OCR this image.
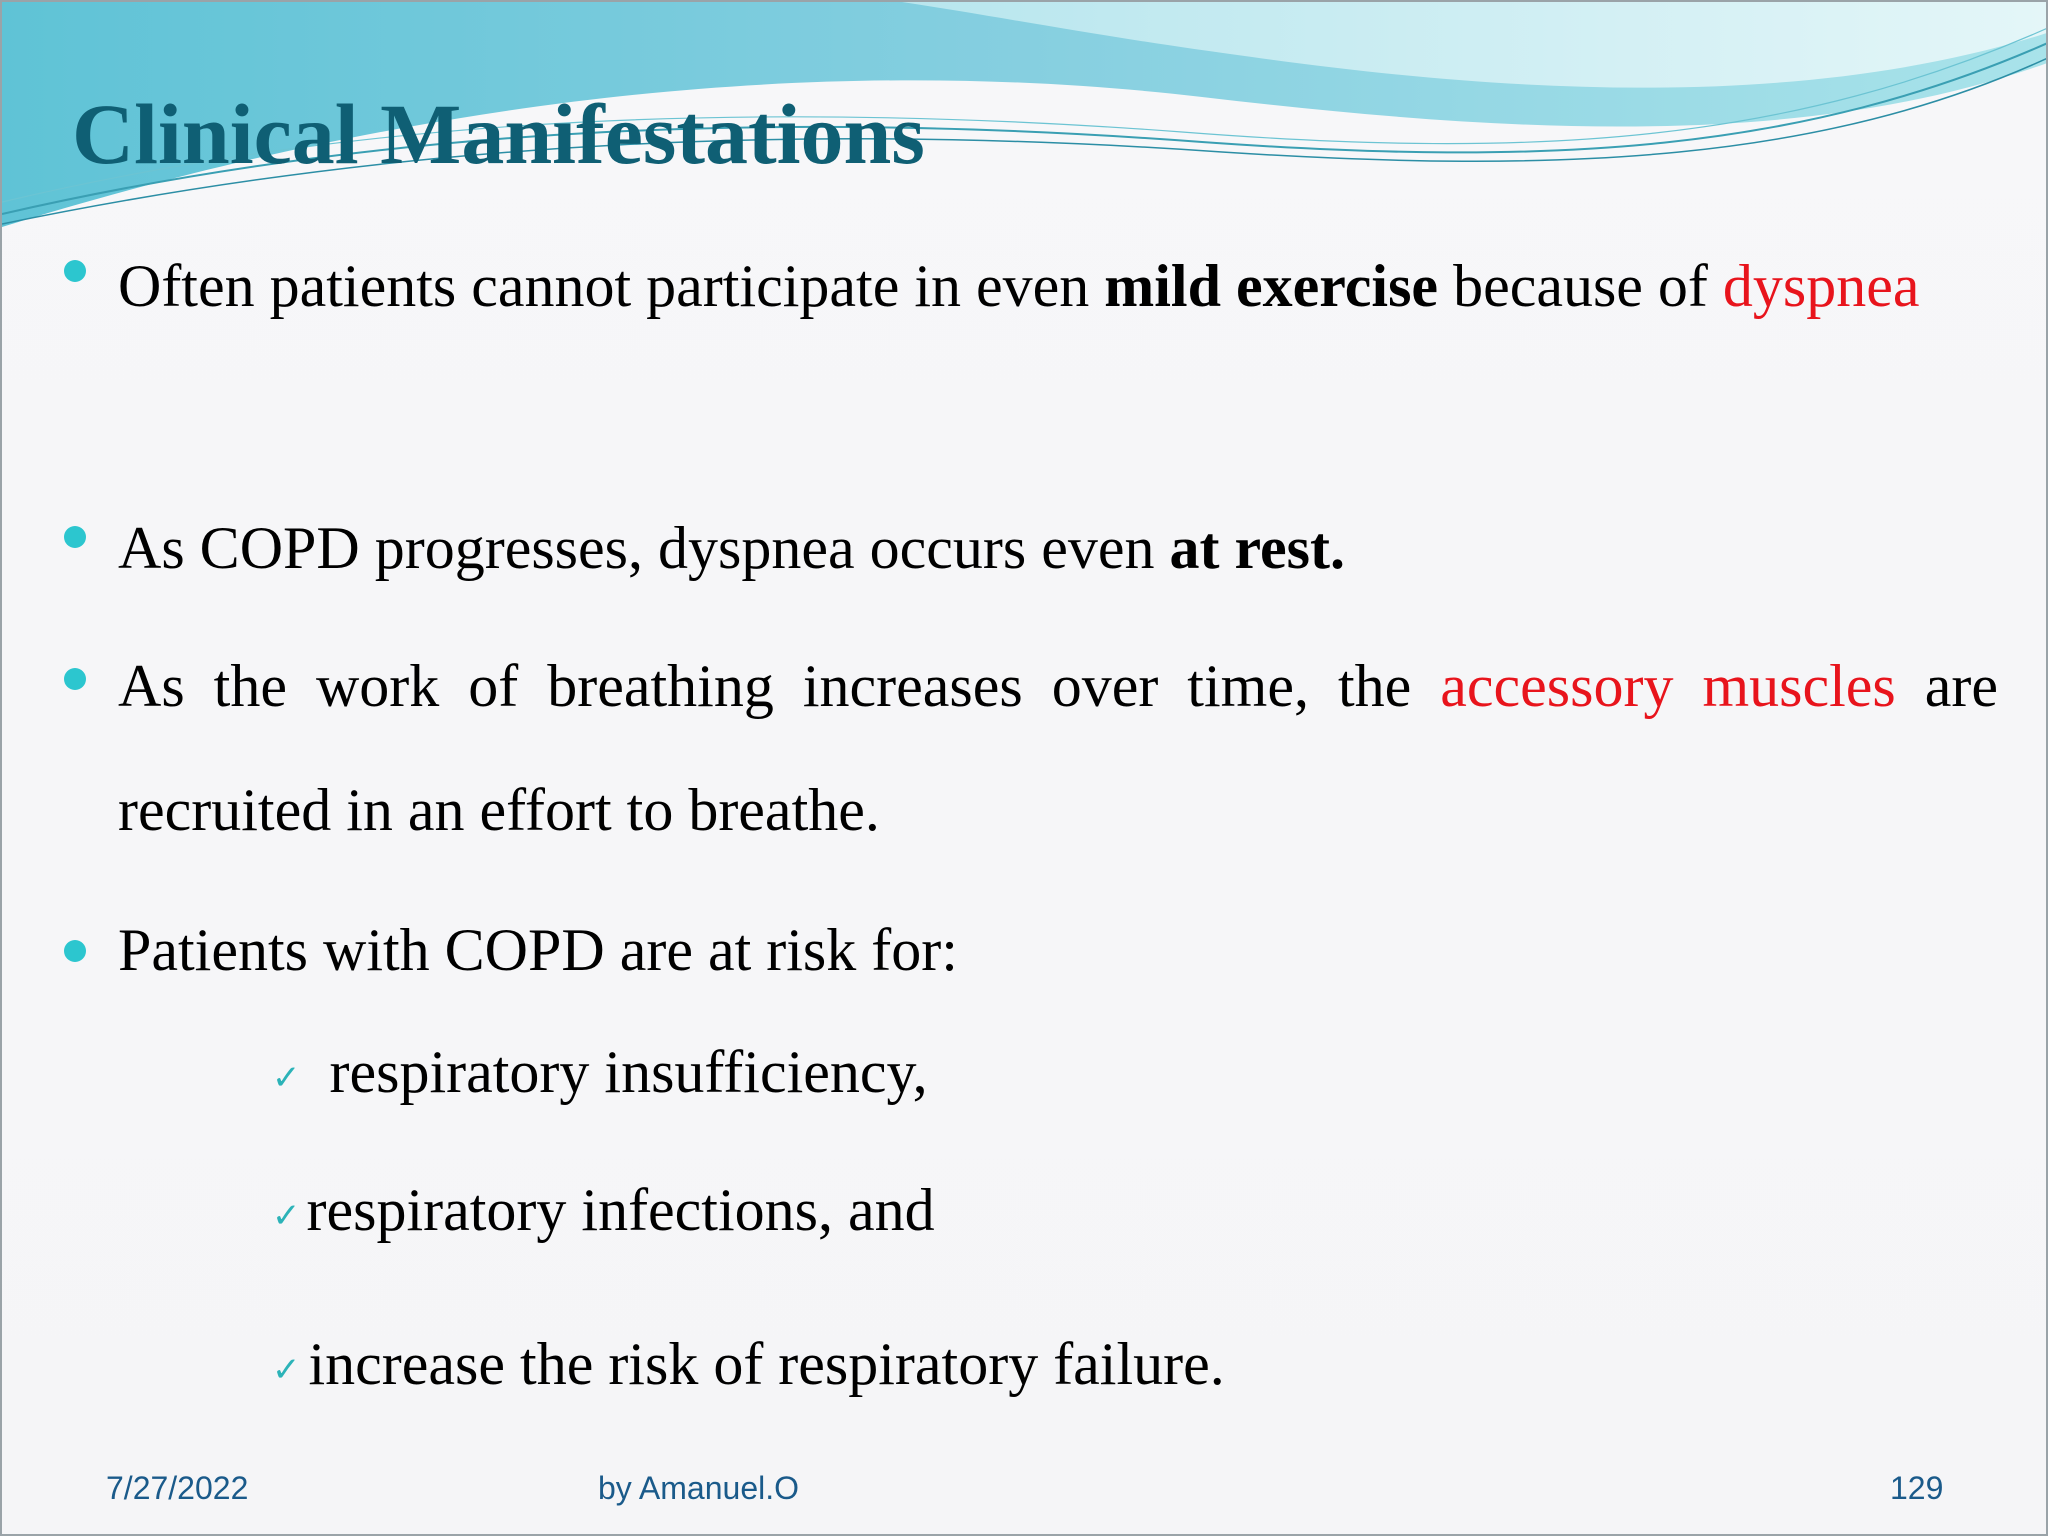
Clinical Manifestations
Often patients cannot participate in even mild exercise because of dyspnea
As COPD progresses, dyspnea occurs even at rest.
As the work of breathing increases over time, the accessory muscles are recruited in an effort to breathe.
Patients with COPD are at risk for:
✓ respiratory insufficiency,
✓ respiratory infections, and
✓ increase the risk of respiratory failure.
7/27/2022	by Amanuel.O	129
